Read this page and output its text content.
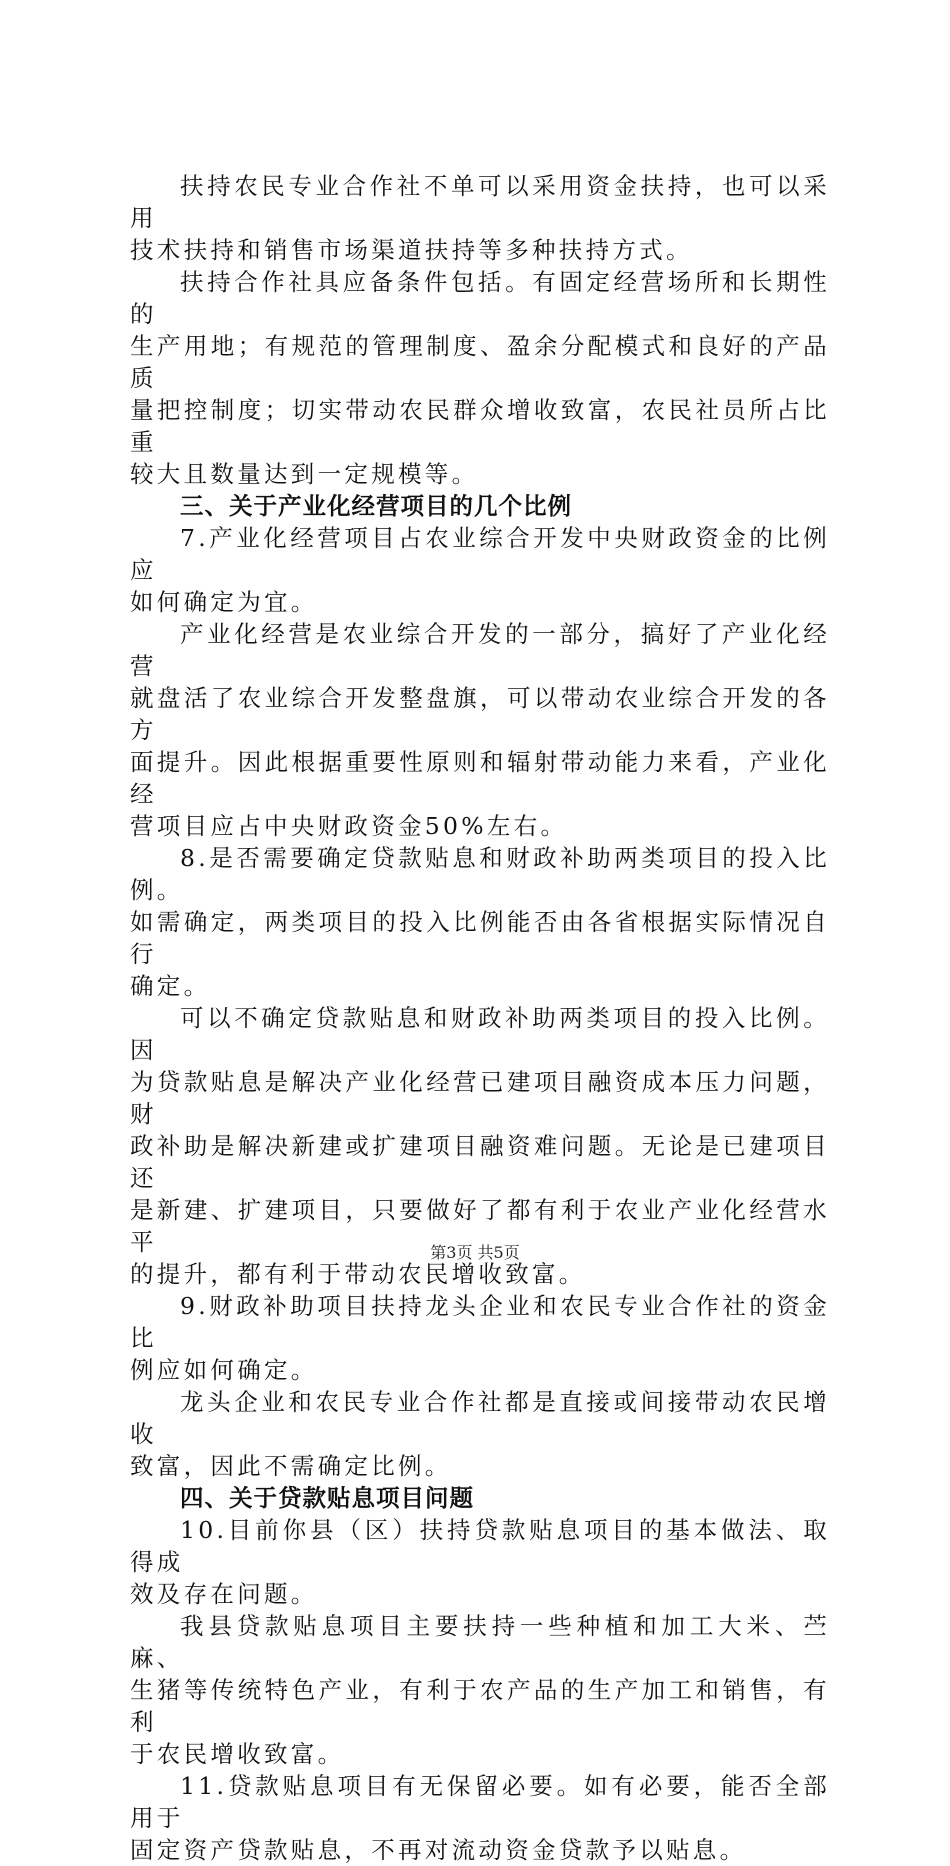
扶持农民专业合作社不单可以采用资金扶持，也可以采用
技术扶持和销售市场渠道扶持等多种扶持方式。

扶持合作社具应备条件包括。有固定经营场所和长期性的
生产用地；有规范的管理制度、盈余分配模式和良好的产品质
量把控制度；切实带动农民群众增收致富，农民社员所占比重
较大且数量达到一定规模等。

三、关于产业化经营项目的几个比例

7.产业化经营项目占农业综合开发中央财政资金的比例应
如何确定为宜。

产业化经营是农业综合开发的一部分，搞好了产业化经营
就盘活了农业综合开发整盘旗，可以带动农业综合开发的各方
面提升。因此根据重要性原则和辐射带动能力来看，产业化经
营项目应占中央财政资金50%左右。

8.是否需要确定贷款贴息和财政补助两类项目的投入比例。
如需确定，两类项目的投入比例能否由各省根据实际情况自行
确定。

可以不确定贷款贴息和财政补助两类项目的投入比例。因
为贷款贴息是解决产业化经营已建项目融资成本压力问题，财
政补助是解决新建或扩建项目融资难问题。无论是已建项目还
是新建、扩建项目，只要做好了都有利于农业产业化经营水平
的提升，都有利于带动农民增收致富。

9.财政补助项目扶持龙头企业和农民专业合作社的资金比
例应如何确定。

龙头企业和农民专业合作社都是直接或间接带动农民增收
致富，因此不需确定比例。

四、关于贷款贴息项目问题

10.目前你县（区）扶持贷款贴息项目的基本做法、取得成
效及存在问题。

我县贷款贴息项目主要扶持一些种植和加工大米、苎麻、
生猪等传统特色产业，有利于农产品的生产加工和销售，有利
于农民增收致富。

11.贷款贴息项目有无保留必要。如有必要，能否全部用于
固定资产贷款贴息，不再对流动资金贷款予以贴息。

第3页 共5页
